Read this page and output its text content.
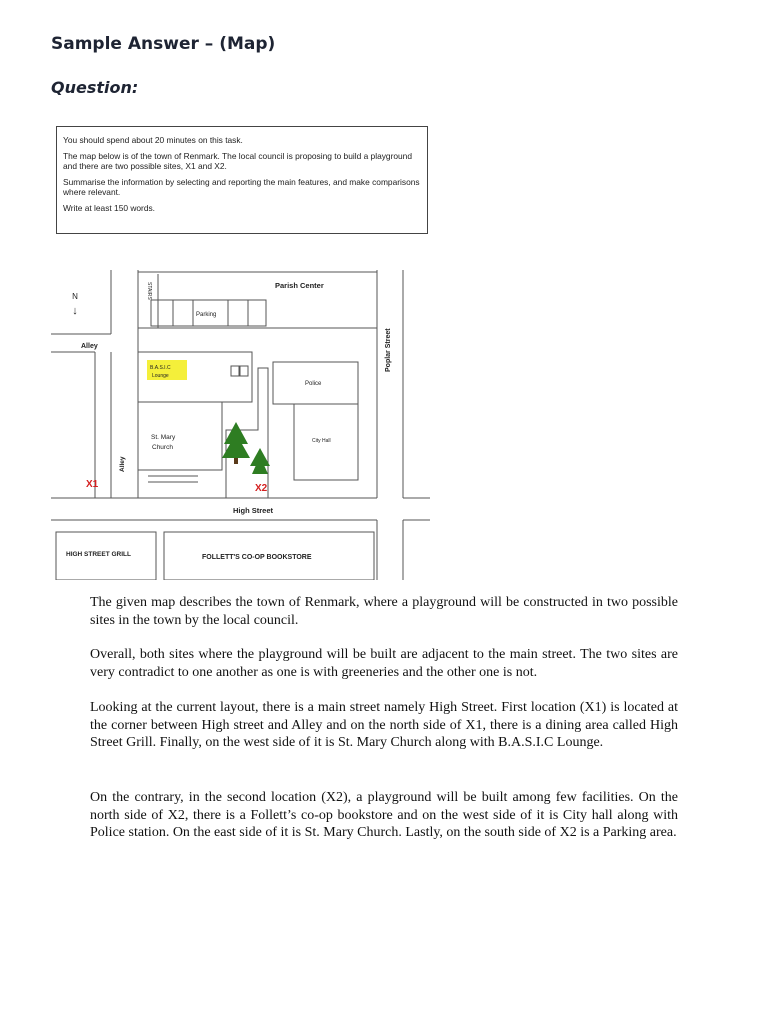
Sample Answer – (Map)
Question:

You should spend about 20 minutes on this task.

The map below is of the town of Renmark. The local council is proposing to build a playground and there are two possible sites, X1 and X2.

Summarise the information by selecting and reporting the main features, and make comparisons where relevant.

Write at least 150 words.

N
↓
Parish Center
STAIRS
Parking
Alley	Poplar Street
B.A.S.I.C
Lounge
Police
St. Mary
Church
City Hall
Alley
X1	X2
High Street
HIGH STREET GRILL	FOLLETT'S CO-OP BOOKSTORE
The given map describes the town of Renmark, where a playground will be constructed in two possible sites in the town by the local council.
Overall, both sites where the playground will be built are adjacent to the main street. The two sites are very contradict to one another as one is with greeneries and the other one is not.
Looking at the current layout, there is a main street namely High Street. First location (X1) is located at the corner between High street and Alley and on the north side of X1, there is a dining area called High Street Grill. Finally, on the west side of it is St. Mary Church along with B.A.S.I.C Lounge.
On the contrary, in the second location (X2), a playground will be built among few facilities. On the north side of X2, there is a Follett’s co-op bookstore and on the west side of it is City hall along with Police station. On the east side of it is St. Mary Church. Lastly, on the south side of X2 is a Parking area.
